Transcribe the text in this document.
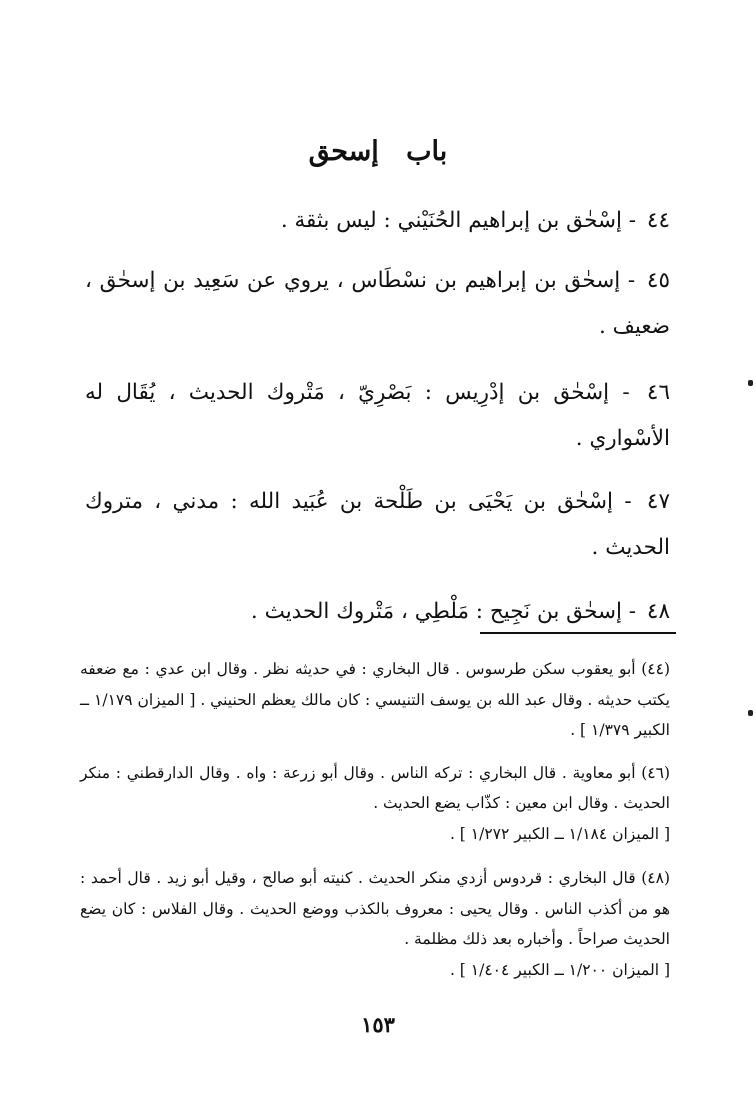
باب إسحق

٤٤ - إسْحٰق بن إبراهيم الحُنَيْني : ليس بثقة .

٤٥ - إسحٰق بن إبراهيم بن نسْطَاس ، يروي عن سَعِيد بن إسحٰق ، ضعيف .

٤٦ - إسْحٰق بن إدْرِيس : بَصْرِيّ ، مَتْروك الحديث ، يُقَال له الأسْواري .

٤٧ - إسْحٰق بن يَحْيَى بن طَلْحة بن عُبَيد الله : مدني ، متروك الحديث .

٤٨ - إسحٰق بن نَجِيح : مَلْطِي ، مَتْروك الحديث .

(٤٤) أبو يعقوب سكن طرسوس . قال البخاري : في حديثه نظر . وقال ابن عدي : مع ضعفه يكتب حديثه . وقال عبد الله بن يوسف التنيسي : كان مالك يعظم الحنيني . [ الميزان ١/١٧٩ ــ الكبير ١/٣٧٩ ] .

(٤٦) أبو معاوية . قال البخاري : تركه الناس . وقال أبو زرعة : واه . وقال الدارقطني : منكر الحديث . وقال ابن معين : كذّاب يضع الحديث .
[ الميزان ١/١٨٤ ــ الكبير ١/٢٧٢ ] .

(٤٨) قال البخاري : قردوس أزدي منكر الحديث . كنيته أبو صالح ، وقيل أبو زيد . قال أحمد : هو من أكذب الناس . وقال يحيى : معروف بالكذب ووضع الحديث . وقال الفلاس : كان يضع الحديث صراحاً . وأخباره بعد ذلك مظلمة .
[ الميزان ١/٢٠٠ ــ الكبير ١/٤٠٤ ] .

١٥٣
